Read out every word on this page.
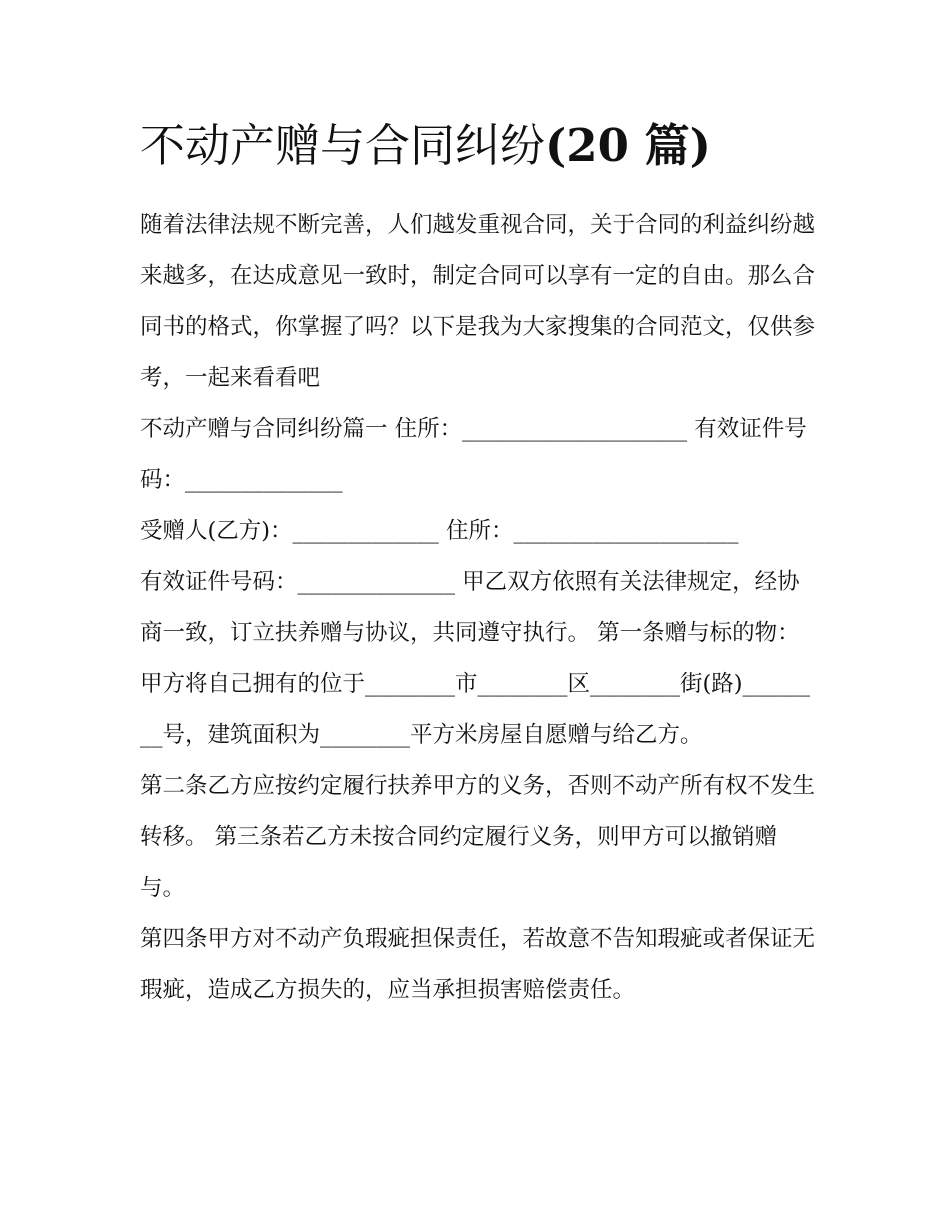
不动产赠与合同纠纷(20 篇)

随着法律法规不断完善，人们越发重视合同，关于合同的利益纠纷越来越多，在达成意见一致时，制定合同可以享有一定的自由。那么合同书的格式，你掌握了吗？以下是我为大家搜集的合同范文，仅供参考，一起来看看吧

不动产赠与合同纠纷篇一 住所：____________________ 有效证件号码：______________

受赠人(乙方)：_____________ 住所：____________________

有效证件号码：______________ 甲乙双方依照有关法律规定，经协商一致，订立扶养赠与协议，共同遵守执行。 第一条赠与标的物：

甲方将自己拥有的位于________市________区________街(路)________号，建筑面积为________平方米房屋自愿赠与给乙方。

第二条乙方应按约定履行扶养甲方的义务，否则不动产所有权不发生转移。 第三条若乙方未按合同约定履行义务，则甲方可以撤销赠与。

第四条甲方对不动产负瑕疵担保责任，若故意不告知瑕疵或者保证无瑕疵，造成乙方损失的，应当承担损害赔偿责任。
